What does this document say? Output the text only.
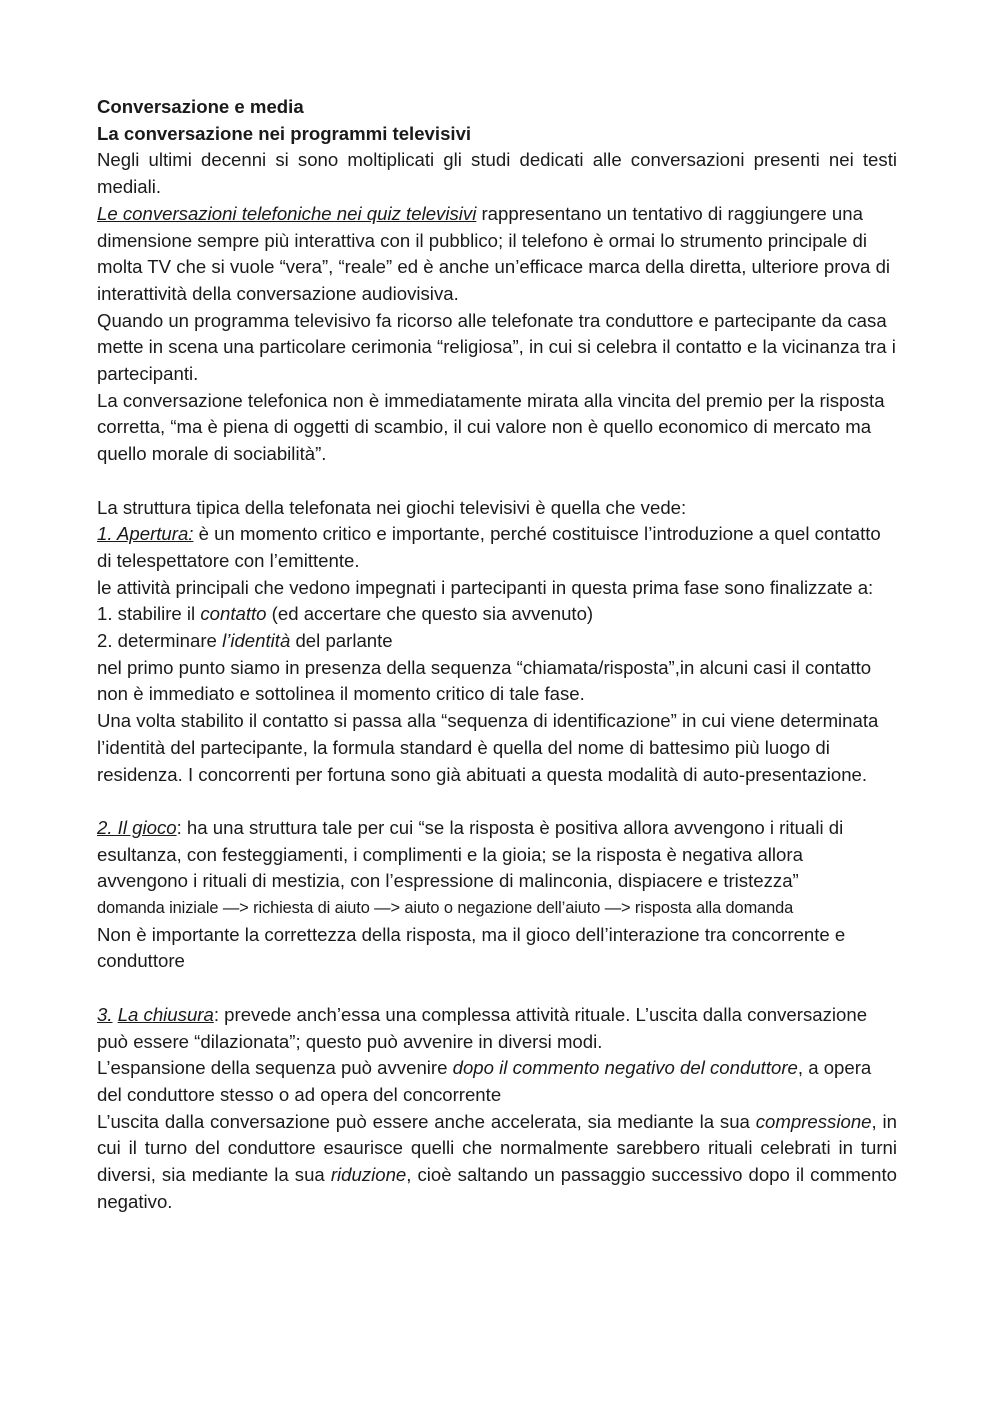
Conversazione e media

La conversazione nei programmi televisivi

Negli ultimi decenni si sono moltiplicati gli studi dedicati alle conversazioni presenti nei testi mediali.

Le conversazioni telefoniche nei quiz televisivi rappresentano un tentativo di raggiungere una dimensione sempre più interattiva con il pubblico; il telefono è ormai lo strumento principale di molta TV che si vuole “vera”, “reale” ed è anche un’efficace marca della diretta, ulteriore prova di interattività della conversazione audiovisiva.

Quando un programma televisivo fa ricorso alle telefonate tra conduttore e partecipante da casa mette in scena una particolare cerimonia “religiosa”, in cui si celebra il contatto e la vicinanza tra i partecipanti.

La conversazione telefonica non è immediatamente mirata alla vincita del premio per la risposta corretta, “ma è piena di oggetti di scambio, il cui valore non è quello economico di mercato ma quello morale di sociabilità”.

La struttura tipica della telefonata nei giochi televisivi è quella che vede:

1. Apertura: è un momento critico e importante, perché costituisce l’introduzione a quel contatto di telespettatore con l’emittente.

le attività principali che vedono impegnati i partecipanti in questa prima fase sono finalizzate a:

1. stabilire il contatto (ed accertare che questo sia avvenuto)

2. determinare l’identità del parlante

nel primo punto siamo in presenza della sequenza “chiamata/risposta”,in alcuni casi il contatto non è immediato e sottolinea il momento critico di tale fase.

Una volta stabilito il contatto si passa alla “sequenza di identificazione” in cui viene determinata l’identità del partecipante, la formula standard è quella del nome di battesimo più luogo di residenza. I concorrenti per fortuna sono già abituati a questa modalità di auto-presentazione.

2. Il gioco: ha una struttura tale per cui “se la risposta è positiva allora avvengono i rituali di esultanza, con festeggiamenti, i complimenti e la gioia; se la risposta è negativa allora avvengono i rituali di mestizia, con l’espressione di malinconia, dispiacere e tristezza”

domanda iniziale —> richiesta di aiuto —> aiuto o negazione dell’aiuto —> risposta alla domanda

Non è importante la correttezza della risposta, ma il gioco dell’interazione tra concorrente e conduttore

3. La chiusura: prevede anch’essa una complessa attività rituale. L’uscita dalla conversazione può essere “dilazionata”; questo può avvenire in diversi modi.

L’espansione della sequenza può avvenire dopo il commento negativo del conduttore, a opera del conduttore stesso o ad opera del concorrente

L’uscita dalla conversazione può essere anche accelerata, sia mediante la sua compressione, in cui il turno del conduttore esaurisce quelli che normalmente sarebbero rituali celebrati in turni diversi, sia mediante la sua riduzione, cioè saltando un passaggio successivo dopo il commento negativo.
